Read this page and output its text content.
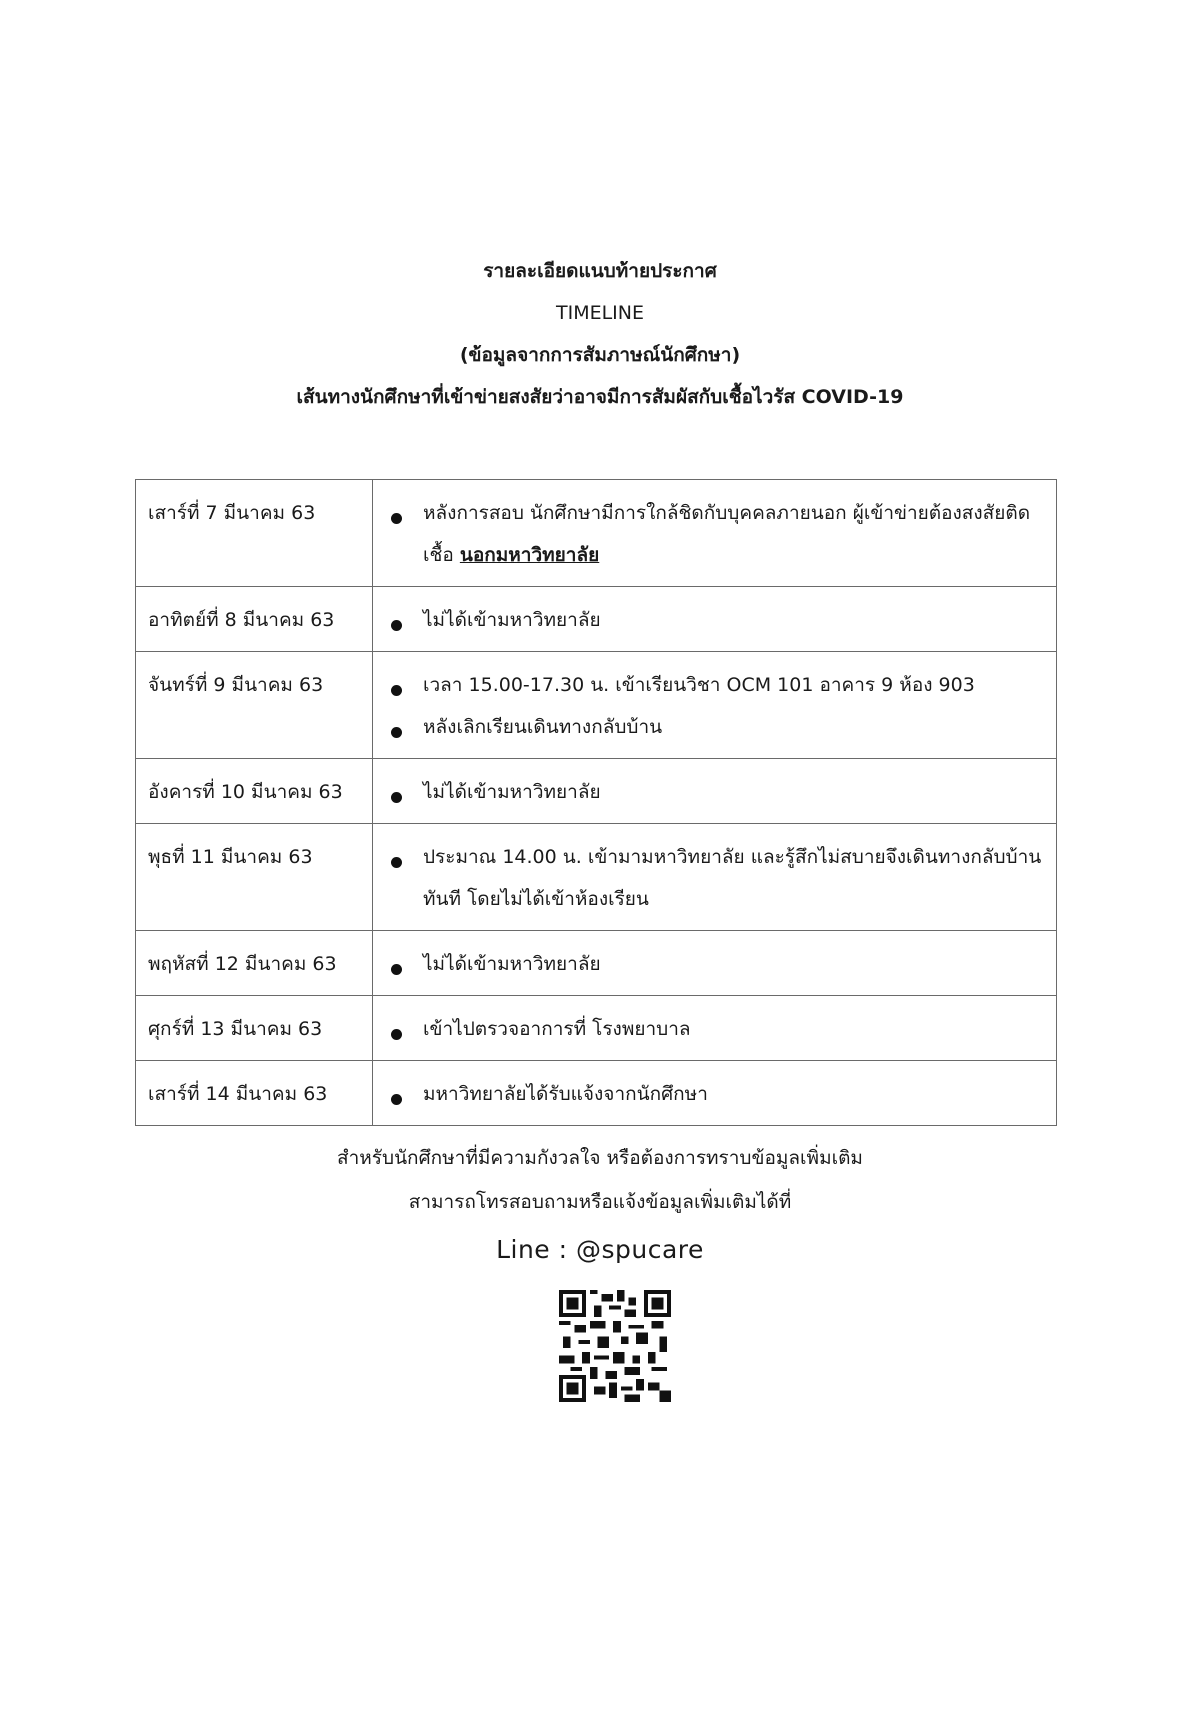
รายละเอียดแนบท้ายประกาศ
TIMELINE
(ข้อมูลจากการสัมภาษณ์นักศึกษา)
เส้นทางนักศึกษาที่เข้าข่ายสงสัยว่าอาจมีการสัมผัสกับเชื้อไวรัส COVID-19
เสาร์ที่ 7 มีนาคม 63	หลังการสอบ นักศึกษามีการใกล้ชิดกับบุคคลภายนอก ผู้เข้าข่ายต้องสงสัยติดเชื้อ นอกมหาวิทยาลัย

อาทิตย์ที่ 8 มีนาคม 63	ไม่ได้เข้ามหาวิทยาลัย

จันทร์ที่ 9 มีนาคม 63	เวลา 15.00-17.30 น. เข้าเรียนวิชา OCM 101 อาคาร 9 ห้อง 903
หลังเลิกเรียนเดินทางกลับบ้าน

อังคารที่ 10 มีนาคม 63	ไม่ได้เข้ามหาวิทยาลัย

พุธที่ 11 มีนาคม 63	ประมาณ 14.00 น. เข้ามามหาวิทยาลัย และรู้สึกไม่สบายจึงเดินทางกลับบ้านทันที โดยไม่ได้เข้าห้องเรียน

พฤหัสที่ 12 มีนาคม 63	ไม่ได้เข้ามหาวิทยาลัย

ศุกร์ที่ 13 มีนาคม 63	เข้าไปตรวจอาการที่ โรงพยาบาล

เสาร์ที่ 14 มีนาคม 63	มหาวิทยาลัยได้รับแจ้งจากนักศึกษา
สำหรับนักศึกษาที่มีความกังวลใจ หรือต้องการทราบข้อมูลเพิ่มเติม
สามารถโทรสอบถามหรือแจ้งข้อมูลเพิ่มเติมได้ที่
Line : @spucare
